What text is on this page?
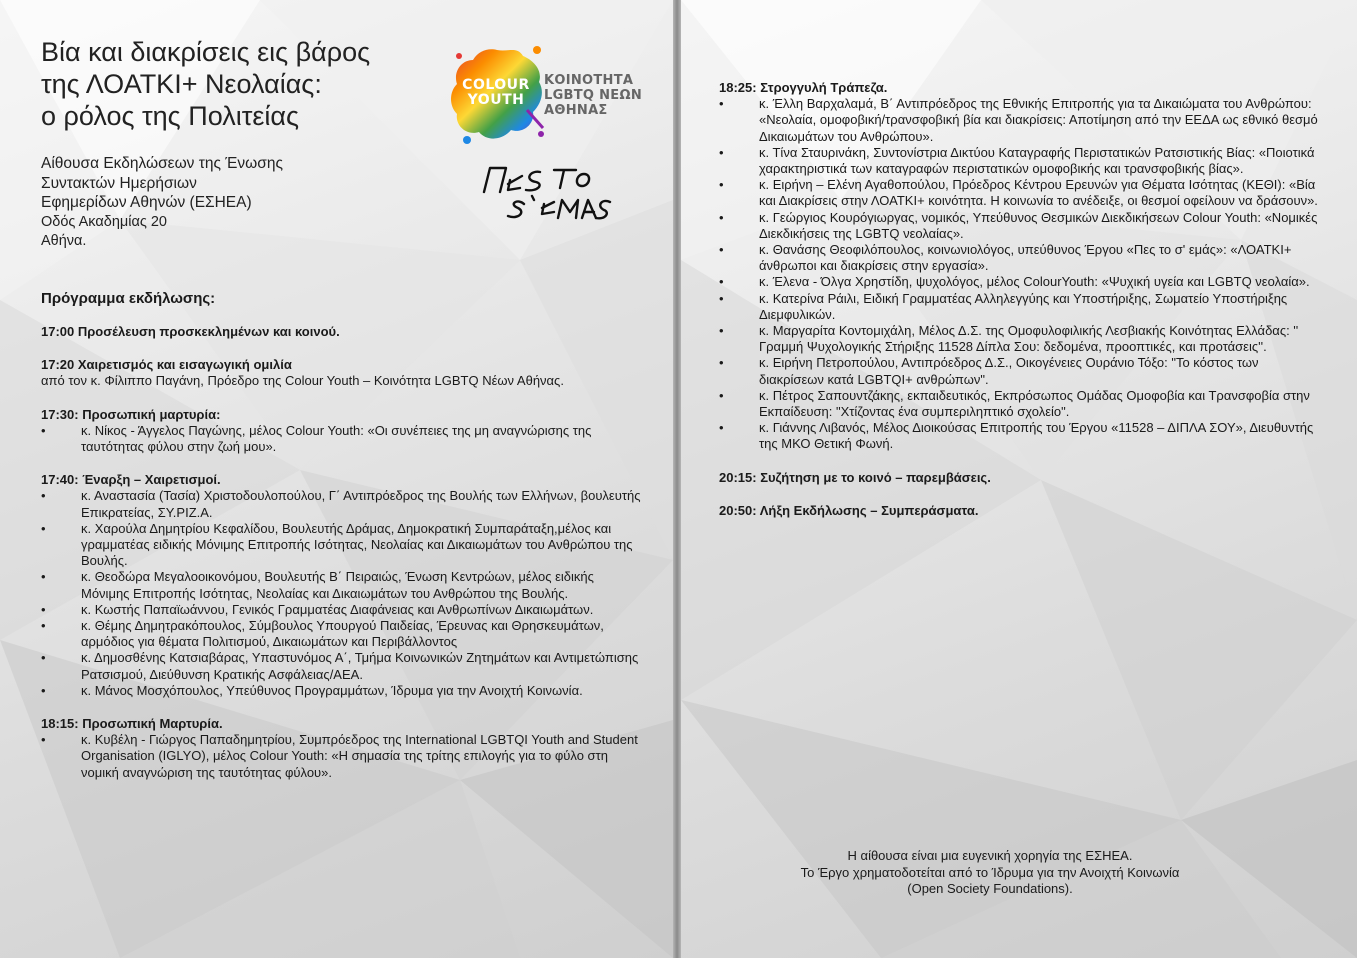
Βία και διακρίσεις εις βάρος
της ΛΟΑΤΚΙ+ Νεολαίας:
ο ρόλος της Πολιτείας
Αίθουσα Εκδηλώσεων της Ένωσης
Συντακτών Ημερήσιων
Εφημερίδων Αθηνών (ΕΣΗΕΑ)
Οδός Ακαδημίας 20
Αθήνα.
COLOUR
YOUTH
ΚΟΙΝΟΤΗΤΑ
LGBTQ ΝΕΩΝ
ΑΘΗΝΑΣ
Πρόγραμμα εκδήλωσης:
17:00 Προσέλευση προσκεκλημένων και κοινού.
17:20 Χαιρετισμός και εισαγωγική ομιλία
από τον κ. Φίλιππο Παγάνη, Πρόεδρο της Colour Youth – Κοινότητα LGBTQ Νέων Αθήνας.
17:30: Προσωπική μαρτυρία:
• κ. Νίκος - Άγγελος Παγώνης, μέλος Colour Youth: «Οι συνέπειες της μη αναγνώρισης της ταυτότητας φύλου στην ζωή μου».
17:40: Έναρξη – Χαιρετισμοί.
• κ. Αναστασία (Τασία) Χριστοδουλοπούλου, Γ΄ Αντιπρόεδρος της Βουλής των Ελλήνων, βουλευτής Επικρατείας, ΣΥ.ΡΙΖ.Α.
• κ. Χαρούλα Δημητρίου Κεφαλίδου, Βουλευτής Δράμας, Δημοκρατική Συμπαράταξη,μέλος και γραμματέας ειδικής Μόνιμης Επιτροπής Ισότητας, Νεολαίας και Δικαιωμάτων του Ανθρώπου της Βουλής.
• κ. Θεοδώρα Μεγαλοοικονόμου, Βουλευτής Β΄ Πειραιώς, Ένωση Κεντρώων, μέλος ειδικής Μόνιμης Επιτροπής Ισότητας, Νεολαίας και Δικαιωμάτων του Ανθρώπου της Βουλής.
• κ. Κωστής Παπαϊωάννου, Γενικός Γραμματέας Διαφάνειας και Ανθρωπίνων Δικαιωμάτων.
• κ. Θέμης Δημητρακόπουλος, Σύμβουλος Υπουργού Παιδείας, Έρευνας και Θρησκευμάτων, αρμόδιος για θέματα Πολιτισμού, Δικαιωμάτων και Περιβάλλοντος
• κ. Δημοσθένης Κατσιαβάρας, Υπαστυνόμος Α΄, Τμήμα Κοινωνικών Ζητημάτων και Αντιμετώπισης Ρατσισμού, Διεύθυνση Κρατικής Ασφάλειας/ΑΕΑ.
• κ. Μάνος Μοσχόπουλος, Υπεύθυνος Προγραμμάτων, Ίδρυμα για την Ανοιχτή Κοινωνία.
18:15: Προσωπική Μαρτυρία.
• κ. Κυβέλη - Γιώργος Παπαδημητρίου, Συμπρόεδρος της International LGBTQI Youth and Student Organisation (IGLYO), μέλος Colour Youth: «Η σημασία της τρίτης επιλογής για το φύλο στη νομική αναγνώριση της ταυτότητας φύλου».
18:25: Στρογγυλή Τράπεζα.
• κ. Έλλη Βαρχαλαμά, Β΄ Αντιπρόεδρος της Εθνικής Επιτροπής για τα Δικαιώματα του Ανθρώπου: «Νεολαία, ομοφοβική/τρανσφοβική βία και διακρίσεις: Αποτίμηση από την ΕΕΔΑ ως εθνικό θεσμό Δικαιωμάτων του Ανθρώπου».
• κ. Τίνα Σταυρινάκη, Συντονίστρια Δικτύου Καταγραφής Περιστατικών Ρατσιστικής Βίας: «Ποιοτικά χαρακτηριστικά των καταγραφών περιστατικών ομοφοβικής και τρανσφοβικής βίας».
• κ. Ειρήνη – Ελένη Αγαθοπούλου, Πρόεδρος Κέντρου Ερευνών για Θέματα Ισότητας (ΚΕΘΙ): «Βία και Διακρίσεις στην ΛΟΑΤΚΙ+ κοινότητα. Η κοινωνία το ανέδειξε, οι θεσμοί οφείλουν να δράσουν».
• κ. Γεώργιος Κουρόγιωργας, νομικός, Υπεύθυνος Θεσμικών Διεκδικήσεων Colour Youth: «Νομικές Διεκδικήσεις της LGBTQ νεολαίας».
• κ. Θανάσης Θεοφιλόπουλος, κοινωνιολόγος, υπεύθυνος Έργου «Πες το σ' εμάς»: «ΛΟΑΤΚΙ+ άνθρωποι και διακρίσεις στην εργασία».
• κ. Έλενα - Όλγα Χρηστίδη, ψυχολόγος, μέλος ColourYouth: «Ψυχική υγεία και LGBTQ νεολαία».
• κ. Κατερίνα Ράιλι, Ειδική Γραμματέας Αλληλεγγύης και Υποστήριξης, Σωματείο Υποστήριξης Διεμφυλικών.
• κ. Μαργαρίτα Κοντομιχάλη, Μέλος Δ.Σ. της Ομοφυλοφιλικής Λεσβιακής Κοινότητας Ελλάδας: '' Γραμμή Ψυχολογικής Στήριξης 11528 Δίπλα Σου: δεδομένα, προοπτικές, και προτάσεις''.
• κ. Ειρήνη Πετροπούλου, Αντιπρόεδρος Δ.Σ., Οικογένειες Ουράνιο Τόξο: "Το κόστος των διακρίσεων κατά LGBTQI+ ανθρώπων".
• κ. Πέτρος Σαπουντζάκης, εκπαιδευτικός, Εκπρόσωπος Ομάδας Ομοφοβία και Τρανσφοβία στην Εκπαίδευση: "Χτίζοντας ένα συμπεριληπτικό σχολείο".
• κ. Γιάννης Λιβανός, Μέλος Διοικούσας Επιτροπής του Έργου «11528 – ΔΙΠΛΑ ΣΟΥ», Διευθυντής της ΜΚΟ Θετική Φωνή.
20:15: Συζήτηση με το κοινό – παρεμβάσεις.
20:50: Λήξη Εκδήλωσης – Συμπεράσματα.
Η αίθουσα είναι μια ευγενική χορηγία της ΕΣΗΕΑ.
Το Έργο χρηματοδοτείται από το Ίδρυμα για την Ανοιχτή Κοινωνία
(Open Society Foundations).
